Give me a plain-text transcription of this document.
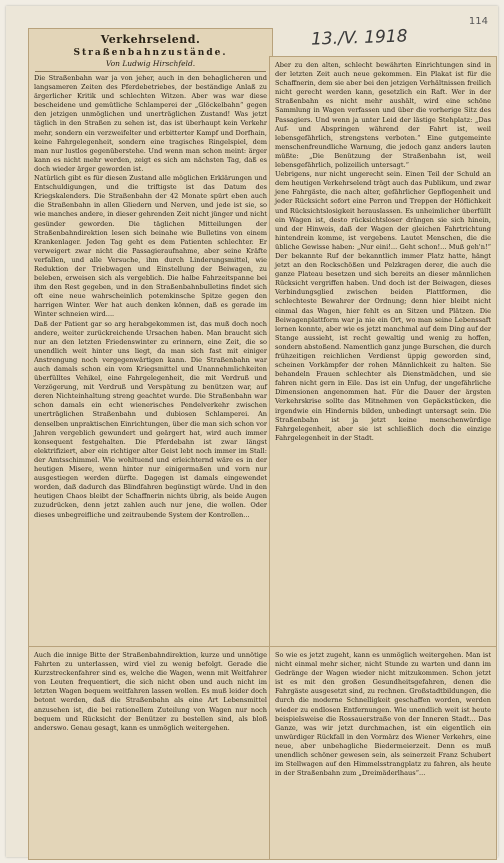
114
13./V. 1918

Verkehrselend.

Straßenbahnzustände.

Von Ludwig Hirschfeld.

Die Straßenbahn war ja von jeher, auch in den behaglicheren und langsameren Zeiten des Pferdebetriebes, der beständige Anlaß zu ärgerlicher Kritik und schlechten Witzen. Aber was war diese bescheidene und gemütliche Schlamperei der „Glöckelbahn“ gegen den jetzigen unmöglichen und unerträglichen Zustand! Was jetzt täglich in den Straßen zu sehen ist, das ist überhaupt kein Verkehr mehr, sondern ein verzweifelter und erbitterter Kampf und Dorfhain, keine Fahrgelegenheit, sondern eine tragisches Ringelspiel, dem man nur lustlos gegenüberstehe. Und wenn man schon meint: ärger kann es nicht mehr werden, zeigt es sich am nächsten Tag, daß es doch wieder ärger geworden ist.
Natürlich gibt es für diesen Zustand alle möglichen Erklärungen und Entschuldigungen, und die triftigste ist das Datum des Kriegskalenders. Die Straßenbahn der 42 Monate spürt eben auch die Straßenbahn in allen Gliedern und Nerven, und jede ist sie, so wie manches andere, in dieser gehrenden Zeit nicht jünger und nicht gesünder geworden. Die täglichen Mitteilungen der Straßenbahndirektion lesen sich beinahe wie Bulletins von einem Krankenlager. Jeden Tag geht es dem Patienten schlechter. Er verweigert zwar nicht die Passagieraufnahme, aber seine Kräfte verfallen, und alle Versuche, ihm durch Linderungsmittel, wie Reduktion der Triebwagen und Einstellung der Beiwagen, zu beleben, erweisen sich als vergeblich. Die halbe Fahrzeitspanne bei ihm den Rest gegeben, und in den Straßenbahnbulletins findet sich oft eine neue wahrscheinlich potemkinsche Spitze gegen den harrigen Winter. Wer hat auch denken können, daß es gerade im Winter schneien wird....
Daß der Patient gar so arg herabgekommen ist, das muß doch noch andere, weiter zurückreichende Ursachen haben. Man braucht sich nur an den letzten Friedenswinter zu erinnern, eine Zeit, die so unendlich weit hinter uns liegt, da man sich fast mit einiger Anstrengung noch vergegenwärtigen kann. Die Straßenbahn war auch damals schon ein vom Kriegsmittel und Unannehmlichkeiten überfülltes Vehikel, eine Fahrgelegenheit, die mit Verdruß und Verzögerung, mit Verdruß und Verspätung zu benützen war, auf deren Nichteinhaltung streng geachtet wurde. Die Straßenbahn war schon damals ein echt wienerisches Pendelverkehr zwischen unerträglichen Straßenbahn und dubiosen Schlamperei. An denselben unpraktischen Einrichtungen, über die man sich schon vor Jahren vergeblich gewundert und geärgert hat, wird auch immer konsequent festgehalten. Die Pferdebahn ist zwar längst elektrifiziert, aber ein richtiger alter Geist lebt noch immer im Stall: der Amtsschimmel. Wie wohltuend und erleichternd wäre es in der heutigen Misere, wenn hinter nur einigermaßen und vorn nur ausgestiegen werden dürfte. Dagegen ist damals eingewendet worden, daß dadurch das Blindfahren begünstigt würde. Und in den heutigen Chaos bleibt der Schaffnerin nichts übrig, als beide Augen zuzudrücken, denn jetzt zahlen auch nur jene, die wollen. Oder dieses unbegreifliche und zeitraubende System der Kontrollen...

Aber zu den alten, schlecht bewährten Einrichtungen sind in der letzten Zeit auch neue gekommen. Ein Plakat ist für die Schaffnerin, dem sie aber bei den jetzigen Verhältnissen freilich nicht gerecht werden kann, gesetzlich ein Raft. Wer in der Straßenbahn es nicht mehr aushält, wird eine schöne Sammlung in Wagen verfassen und über die vorherige Sitz des Passagiers. Und wenn ja unter Leid der lästige Stehplatz: „Das Auf- und Abspringen während der Fahrt ist, weil lebensgefährlich, strengstens verboten.“ Eine gutgemeinte menschenfreundliche Warnung, die jedoch ganz anders lauten müßte: „Die Benützung der Straßenbahn ist, weil lebensgefährlich, polizeilich untersagt.“
Uebrigens, nur nicht ungerecht sein. Einen Teil der Schuld an dem heutigen Verkehrselend trägt auch das Publikum, und zwar jene Fahrgäste, die nach alter, gefährlicher Gepflogenheit und jeder Rücksicht sofort eine Perron und Treppen der Höflichkeit und Rücksichtslosigkeit herauslassen. Es unheimlicher überfüllt ein Wagen ist, desto rücksichtsloser drängen sie sich hinein, und der Hinweis, daß der Wagen der gleichen Fahrtrichtung hintendrein komme, ist vergebens. Lautet Menschen, die die übliche Gewisse haben: „Nur eini!... Geht schon!... Muß geh'n!“ Der bekannte Ruf der bekanntlich immer Platz hatte, hängt jetzt an den Rockschößen und Pelzkragen derer, die auch die ganze Plateau besetzen und sich bereits an dieser männlichen Rücksicht vergriffen haben. Und doch ist der Beiwagen, dieses Verbindungsglied zwischen beiden Plattformen, die schlechteste Bewahrer der Ordnung; denn hier bleibt nicht einmal das Wagen, hier fehlt es an Sitzen und Plätzen. Die Beiwagenplattform war ja nie ein Ort, wo man seine Lebenssaft lernen konnte, aber wie es jetzt manchmal auf dem Ding auf der Stange aussieht, ist recht gewaltig und wenig zu hoffen, sondern abstoßend. Namentlich ganz junge Burschen, die durch frühzeitigen reichlichen Verdienst üppig geworden sind, scheinen Vorkämpfer der rohen Männlichkeit zu halten. Sie behandeln Frauen schlechter als Dienstmädchen, und sie fahren nicht gern in Eile. Das ist ein Unfug, der ungefährliche Dimensionen angenommen hat. Für die Dauer der ärgsten Verkehrskrise sollte das Mitnehmen von Gepäckstücken, die irgendwie ein Hindernis bilden, unbedingt untersagt sein. Die Straßenbahn ist ja jetzt keine menschenwürdige Fahrgelegenheit, aber sie ist schließlich doch die einzige Fahrgelegenheit in der Stadt.

Auch die innige Bitte der Straßenbahndirektion, kurze und unnötige Fahrten zu unterlassen, wird viel zu wenig befolgt. Gerade die Kurzstreckenfahrer sind es, welche die Wagen, wenn mit Weitfahrer von Leuten frequentiert, die sich nicht oben und auch nicht im letzten Wagen bequem weitfahren lassen wollen. Es muß leider doch betont werden, daß die Straßenbahn als eine Art Lebensmittel anzusehen ist, die bei rationellem Zuteilung von Wagen nur noch bequem und Rücksicht der Benützer zu bestellen sind, als bloß anderswo. Genau gesagt, kann es unmöglich weitergehen.

So wie es jetzt zugeht, kann es unmöglich weitergehen. Man ist nicht einmal mehr sicher, nicht Stunde zu warten und dann im Gedränge der Wagen wieder nicht mitzukommen. Schon jetzt ist es mit den großen Gesundheitsgefahren, denen die Fahrgäste ausgesetzt sind, zu rechnen. Großstadtbildungen, die durch die moderne Schnelligkeit geschaffen worden, werden wieder zu endlosen Entfernungen. Wie unendlich weit ist heute beispielsweise die Rossauerstraße von der Inneren Stadt... Das Ganze, was wir jetzt durchmachen, ist ein eigentlich ein unwürdiger Rückfall in den Vormärz des Wiener Verkehrs, eine neue, aber unbehagliche Biedermeierzeit. Denn es muß unendlich schöner gewesen sein, als seinerzeit Franz Schubert im Stellwagen auf den Himmelsstrangplatz zu fahren, als heute in der Straßenbahn zum „Dreimäderlhaus“...
